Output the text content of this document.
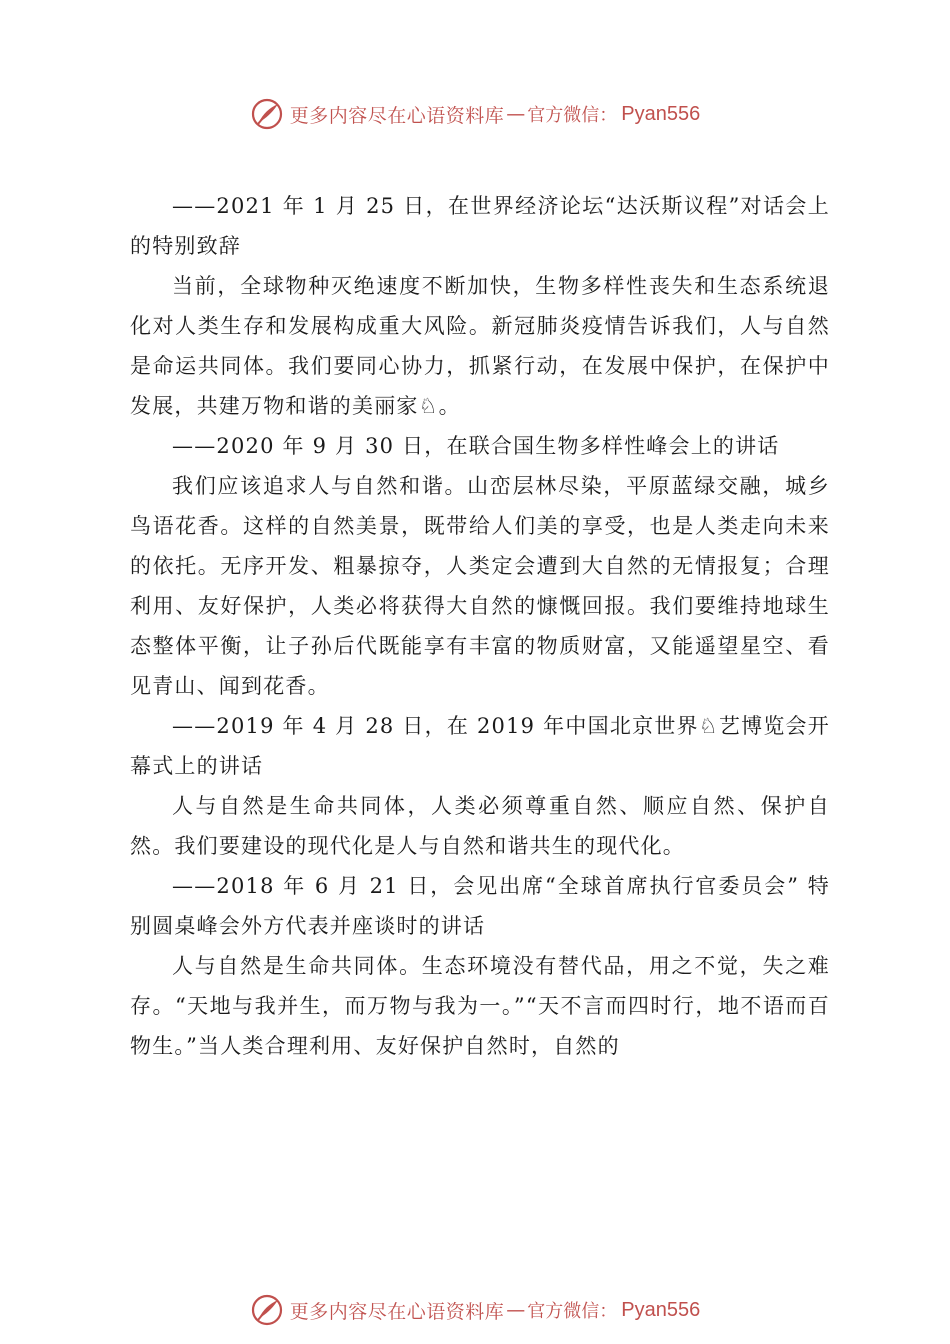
更多内容尽在心语资料库 — 官方微信： Pyan556

——2021 年 1 月 25 日，在世界经济论坛“达沃斯议程”对话会上的特别致辞

当前，全球物种灭绝速度不断加快，生物多样性丧失和生态系统退化对人类生存和发展构成重大风险。新冠肺炎疫情告诉我们，人与自然是命运共同体。我们要同心协力，抓紧行动，在发展中保护，在保护中发展，共建万物和谐的美丽家♘。

——2020 年 9 月 30 日，在联合国生物多样性峰会上的讲话

我们应该追求人与自然和谐。山峦层林尽染，平原蓝绿交融，城乡鸟语花香。这样的自然美景，既带给人们美的享受，也是人类走向未来的依托。无序开发、粗暴掠夺，人类定会遭到大自然的无情报复；合理利用、友好保护，人类必将获得大自然的慷慨回报。我们要维持地球生态整体平衡，让子孙后代既能享有丰富的物质财富，又能遥望星空、看见青山、闻到花香。

——2019 年 4 月 28 日，在 2019 年中国北京世界♘艺博览会开幕式上的讲话

人与自然是生命共同体，人类必须尊重自然、顺应自然、保护自然。我们要建设的现代化是人与自然和谐共生的现代化。

——2018 年 6 月 21 日，会见出席“全球首席执行官委员会” 特别圆桌峰会外方代表并座谈时的讲话

人与自然是生命共同体。生态环境没有替代品，用之不觉，失之难存。“天地与我并生，而万物与我为一。”“天不言而四时行，地不语而百物生。”当人类合理利用、友好保护自然时，自然的

更多内容尽在心语资料库 — 官方微信： Pyan556
